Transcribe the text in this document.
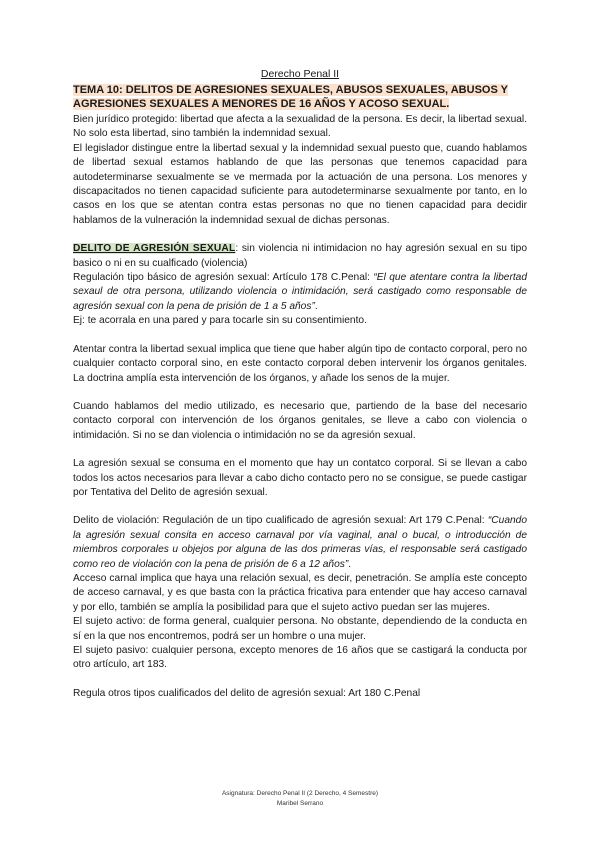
Derecho Penal II
TEMA 10: DELITOS DE AGRESIONES SEXUALES, ABUSOS SEXUALES, ABUSOS Y AGRESIONES SEXUALES A MENORES DE 16 AÑOS Y ACOSO SEXUAL.

Bien jurídico protegido: libertad que afecta a la sexualidad de la persona. Es decir, la libertad sexual. No solo esta libertad, sino también la indemnidad sexual.

El legislador distingue entre la libertad sexual y la indemnidad sexual puesto que, cuando hablamos de libertad sexual estamos hablando de que las personas que tenemos capacidad para autodeterminarse sexualmente se ve mermada por la actuación de una persona. Los menores y discapacitados no tienen capacidad suficiente para autodeterminarse sexualmente por tanto, en lo casos en los que se atentan contra estas personas no que no tienen capacidad para decidir hablamos de la vulneración la indemnidad sexual de dichas personas.

DELITO DE AGRESIÓN SEXUAL: sin violencia ni intimidacion no hay agresión sexual en su tipo basico o ni en su cualficado (violencia)

Regulación tipo básico de agresión sexual: Artículo 178 C.Penal: “El que atentare contra la libertad sexaul de otra persona, utilizando violencia o intimidación, será castigado como responsable de agresión sexual con la pena de prisión de 1 a 5 años”.

Ej: te acorrala en una pared y para tocarle sin su consentimiento.

Atentar contra la libertad sexual implica que tiene que haber algún tipo de contacto corporal, pero no cualquier contacto corporal sino, en este contacto corporal deben intervenir los órganos genitales. La doctrina amplía esta intervención de los órganos, y añade los senos de la mujer.

Cuando hablamos del medio utilizado, es necesario que, partiendo de la base del necesario contacto corporal con intervención de los órganos genitales, se lleve a cabo con violencia o intimidación. Si no se dan violencia o intimidación no se da agresión sexual.

La agresión sexual se consuma en el momento que hay un contatco corporal. Si se llevan a cabo todos los actos necesarios para llevar a cabo dicho contacto pero no se consigue, se puede castigar por Tentativa del Delito de agresión sexual.

Delito de violación: Regulación de un tipo cualificado de agresión sexual: Art 179 C.Penal: “Cuando la agresión sexual consita en acceso carnaval por vía vaginal, anal o bucal, o introducción de miembros corporales u objejos por alguna de las dos primeras vías, el responsable será castigado como reo de violación con la pena de prisión de 6 a 12 años”.

Acceso carnal implica que haya una relación sexual, es decir, penetración. Se amplía este concepto de acceso carnaval, y es que basta con la práctica fricativa para entender que hay acceso carnaval y por ello, también se amplía la posibilidad para que el sujeto activo puedan ser las mujeres.

El sujeto activo: de forma general, cualquier persona. No obstante, dependiendo de la conducta en sí en la que nos encontremos, podrá ser un hombre o una mujer.

El sujeto pasivo: cualquier persona, excepto menores de 16 años que se castigará la conducta por otro artículo, art 183.

Regula otros tipos cualificados del delito de agresión sexual: Art 180 C.Penal

Asignatura: Derecho Penal II (2 Derecho, 4 Semestre)
Maribel Serrano
